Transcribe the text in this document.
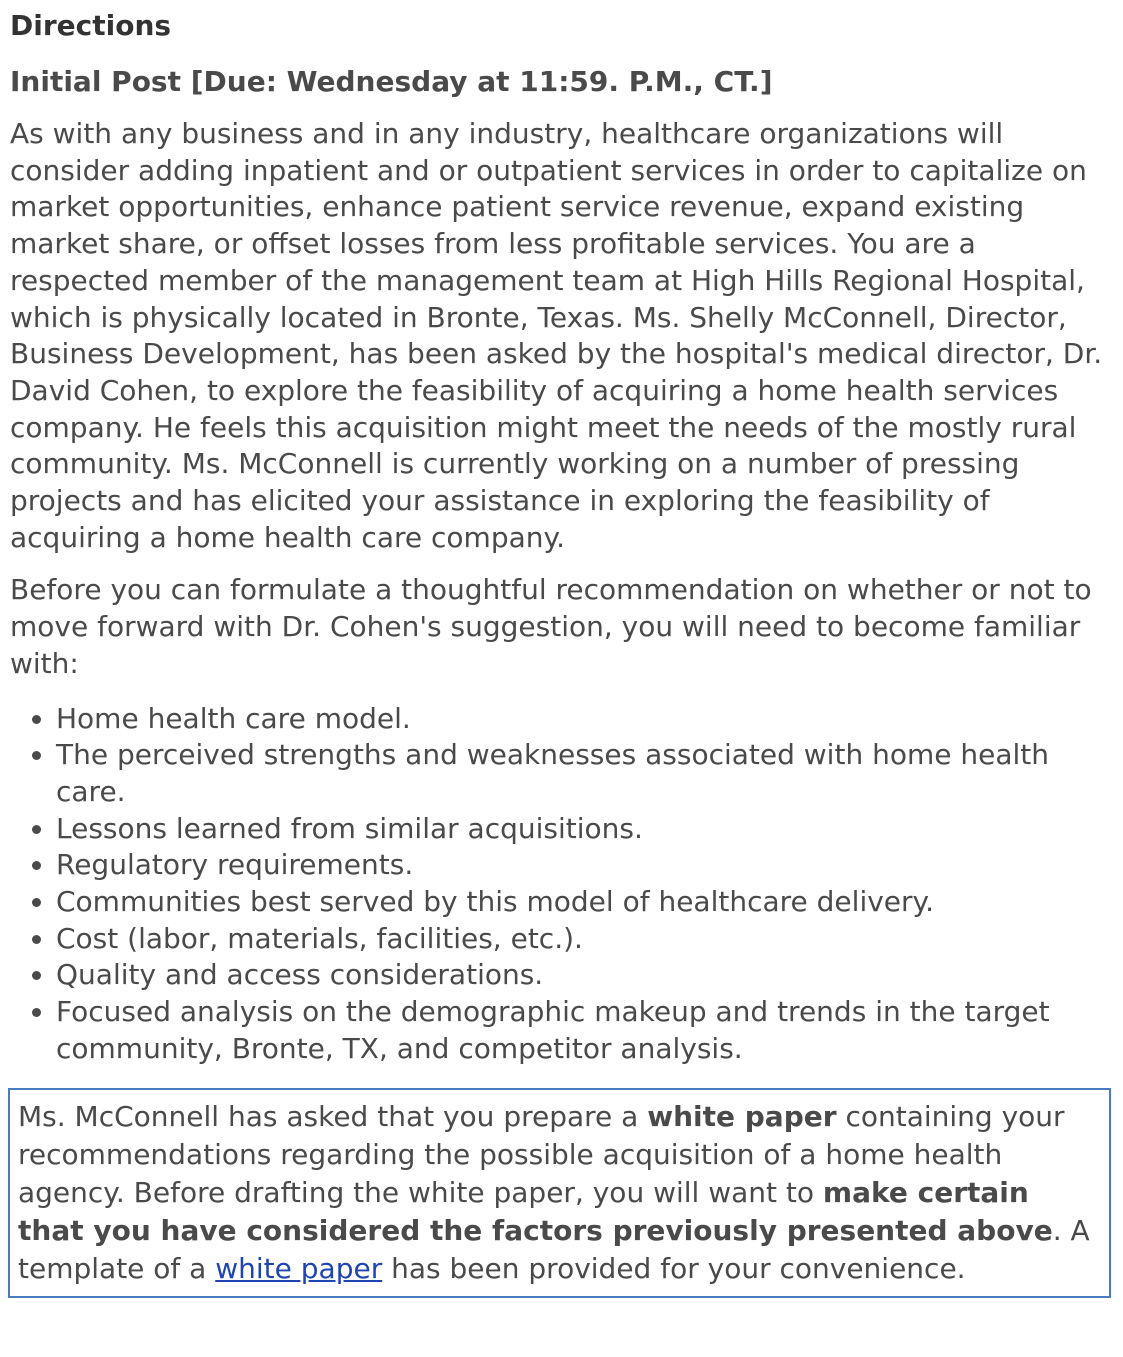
Directions
Initial Post [Due: Wednesday at 11:59. P.M., CT.]

As with any business and in any industry, healthcare organizations will consider adding inpatient and or outpatient services in order to capitalize on market opportunities, enhance patient service revenue, expand existing market share, or offset losses from less profitable services. You are a respected member of the management team at High Hills Regional Hospital, which is physically located in Bronte, Texas. Ms. Shelly McConnell, Director, Business Development, has been asked by the hospital's medical director, Dr. David Cohen, to explore the feasibility of acquiring a home health services company. He feels this acquisition might meet the needs of the mostly rural community. Ms. McConnell is currently working on a number of pressing projects and has elicited your assistance in exploring the feasibility of acquiring a home health care company.

Before you can formulate a thoughtful recommendation on whether or not to move forward with Dr. Cohen's suggestion, you will need to become familiar with:

• Home health care model.
• The perceived strengths and weaknesses associated with home health care.
• Lessons learned from similar acquisitions.
• Regulatory requirements.
• Communities best served by this model of healthcare delivery.
• Cost (labor, materials, facilities, etc.).
• Quality and access considerations.
• Focused analysis on the demographic makeup and trends in the target community, Bronte, TX, and competitor analysis.
Ms. McConnell has asked that you prepare a white paper containing your recommendations regarding the possible acquisition of a home health agency. Before drafting the white paper, you will want to make certain that you have considered the factors previously presented above. A template of a white paper has been provided for your convenience.
